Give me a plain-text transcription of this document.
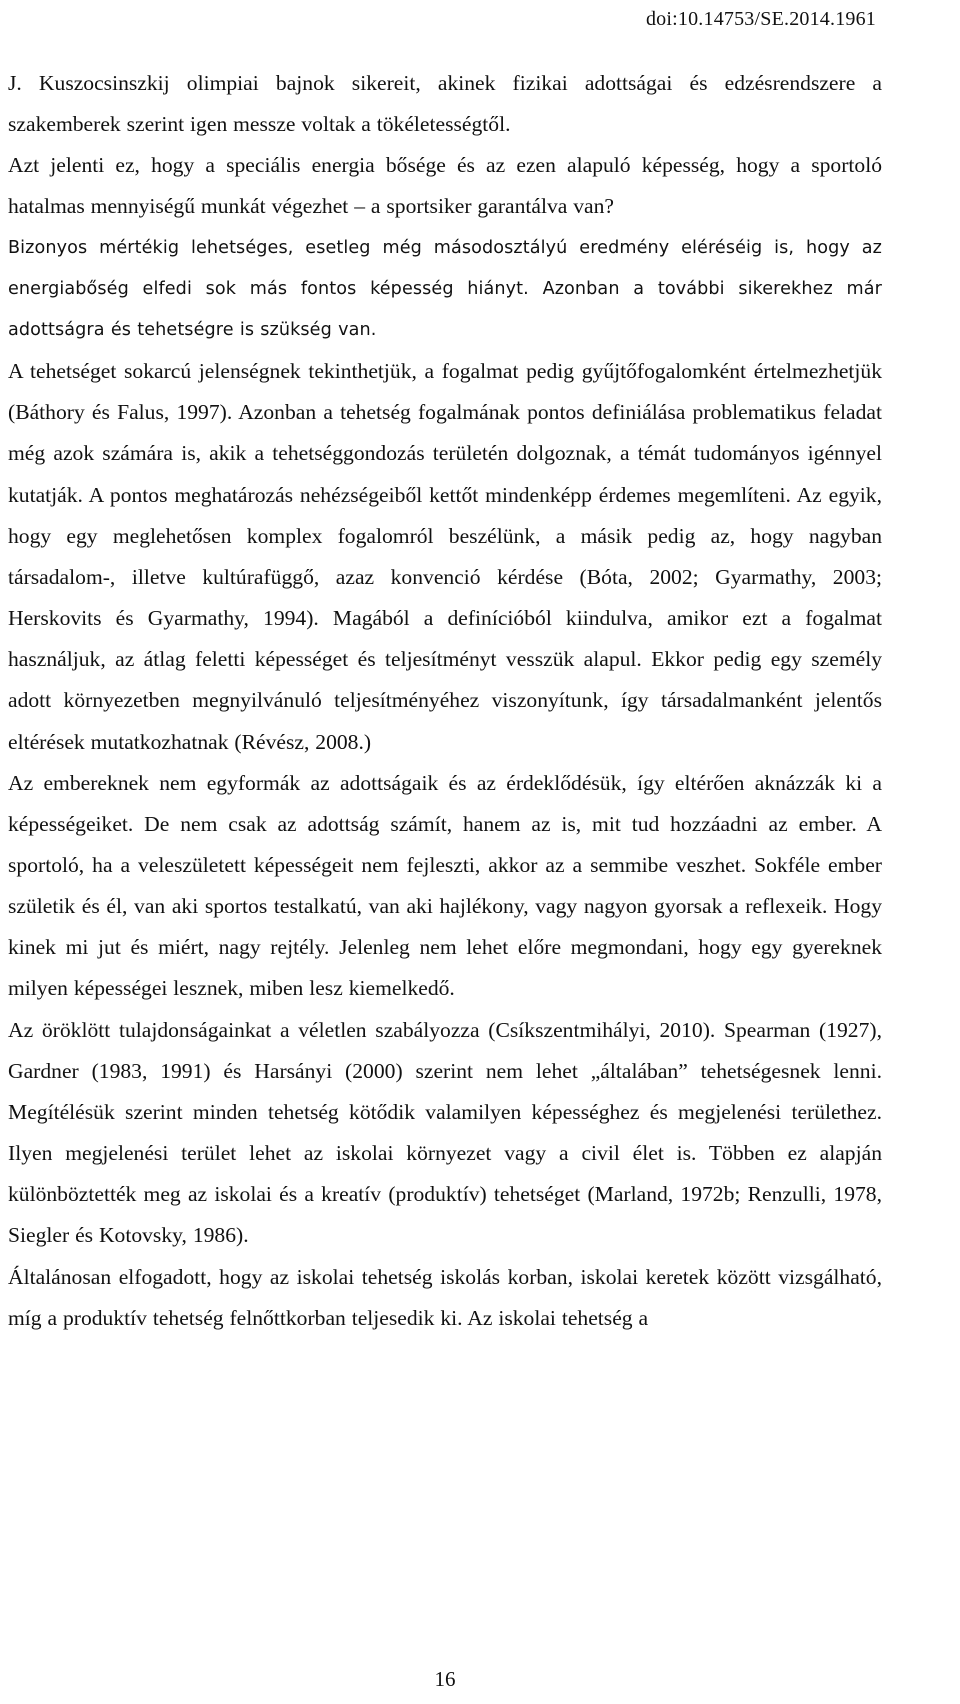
doi:10.14753/SE.2014.1961

J. Kuszocsinszkij olimpiai bajnok sikereit, akinek fizikai adottságai és edzésrendszere a szakemberek szerint igen messze voltak a tökéletességtől.

Azt jelenti ez, hogy a speciális energia bősége és az ezen alapuló képesség, hogy a sportoló hatalmas mennyiségű munkát végezhet – a sportsiker garantálva van?

Bizonyos mértékig lehetséges, esetleg még másodosztályú eredmény eléréséig is, hogy az energiabőség elfedi sok más fontos képesség hiányt. Azonban a további sikerekhez már adottságra és tehetségre is szükség van.

A tehetséget sokarcú jelenségnek tekinthetjük, a fogalmat pedig gyűjtőfogalomként értelmezhetjük (Báthory és Falus, 1997). Azonban a tehetség fogalmának pontos definiálása problematikus feladat még azok számára is, akik a tehetséggondozás területén dolgoznak, a témát tudományos igénnyel kutatják. A pontos meghatározás nehézségeiből kettőt mindenképp érdemes megemlíteni. Az egyik, hogy egy meglehetősen komplex fogalomról beszélünk, a másik pedig az, hogy nagyban társadalom-, illetve kultúrafüggő, azaz konvenció kérdése (Bóta, 2002; Gyarmathy, 2003; Herskovits és Gyarmathy, 1994). Magából a definícióból kiindulva, amikor ezt a fogalmat használjuk, az átlag feletti képességet és teljesítményt vesszük alapul. Ekkor pedig egy személy adott környezetben megnyilvánuló teljesítményéhez viszonyítunk, így társadalmanként jelentős eltérések mutatkozhatnak (Révész, 2008.)

Az embereknek nem egyformák az adottságaik és az érdeklődésük, így eltérően aknázzák ki a képességeiket. De nem csak az adottság számít, hanem az is, mit tud hozzáadni az ember. A sportoló, ha a veleszületett képességeit nem fejleszti, akkor az a semmibe veszhet. Sokféle ember születik és él, van aki sportos testalkatú, van aki hajlékony, vagy nagyon gyorsak a reflexeik. Hogy kinek mi jut és miért, nagy rejtély. Jelenleg nem lehet előre megmondani, hogy egy gyereknek milyen képességei lesznek, miben lesz kiemelkedő.

Az öröklött tulajdonságainkat a véletlen szabályozza (Csíkszentmihályi, 2010). Spearman (1927), Gardner (1983, 1991) és Harsányi (2000) szerint nem lehet „általában” tehetségesnek lenni. Megítélésük szerint minden tehetség kötődik valamilyen képességhez és megjelenési területhez. Ilyen megjelenési terület lehet az iskolai környezet vagy a civil élet is. Többen ez alapján különböztették meg az iskolai és a kreatív (produktív) tehetséget (Marland, 1972b; Renzulli, 1978, Siegler és Kotovsky, 1986).

Általánosan elfogadott, hogy az iskolai tehetség iskolás korban, iskolai keretek között vizsgálható, míg a produktív tehetség felnőttkorban teljesedik ki. Az iskolai tehetség a

16
